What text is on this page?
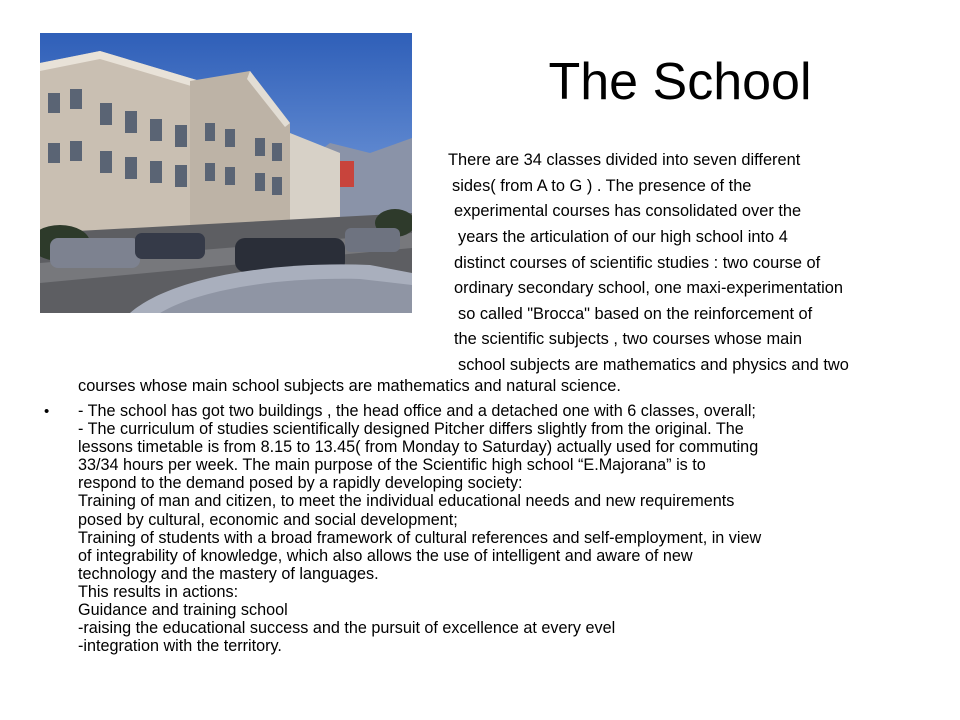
The School

There are 34 classes divided into seven different

sides( from A to G ) . The presence of the

experimental courses has consolidated over the

years the articulation of our high school into 4

distinct courses of scientific studies : two course of

ordinary secondary school, one maxi-experimentation

so called "Brocca" based on the reinforcement of

the scientific subjects , two courses whose main

school subjects are mathematics and physics and two

courses whose main school subjects are mathematics and natural science.

• - The school has got two buildings , the head office and a detached one with 6 classes, overall;
- The curriculum of studies scientifically designed Pitcher differs slightly from the original. The
lessons timetable is from 8.15 to 13.45( from Monday to Saturday) actually used for commuting
33/34 hours per week. The main purpose of the Scientific high school “E.Majorana” is to
respond to the demand posed by a rapidly developing society:
Training of man and citizen, to meet the individual educational needs and new requirements
posed by cultural, economic and social development;
Training of students with a broad framework of cultural references and self-employment, in view
of integrability of knowledge, which also allows the use of intelligent and aware of new
technology and the mastery of languages.
This results in actions:
Guidance and training school
-raising the educational success and the pursuit of excellence at every evel
-integration with the territory.
